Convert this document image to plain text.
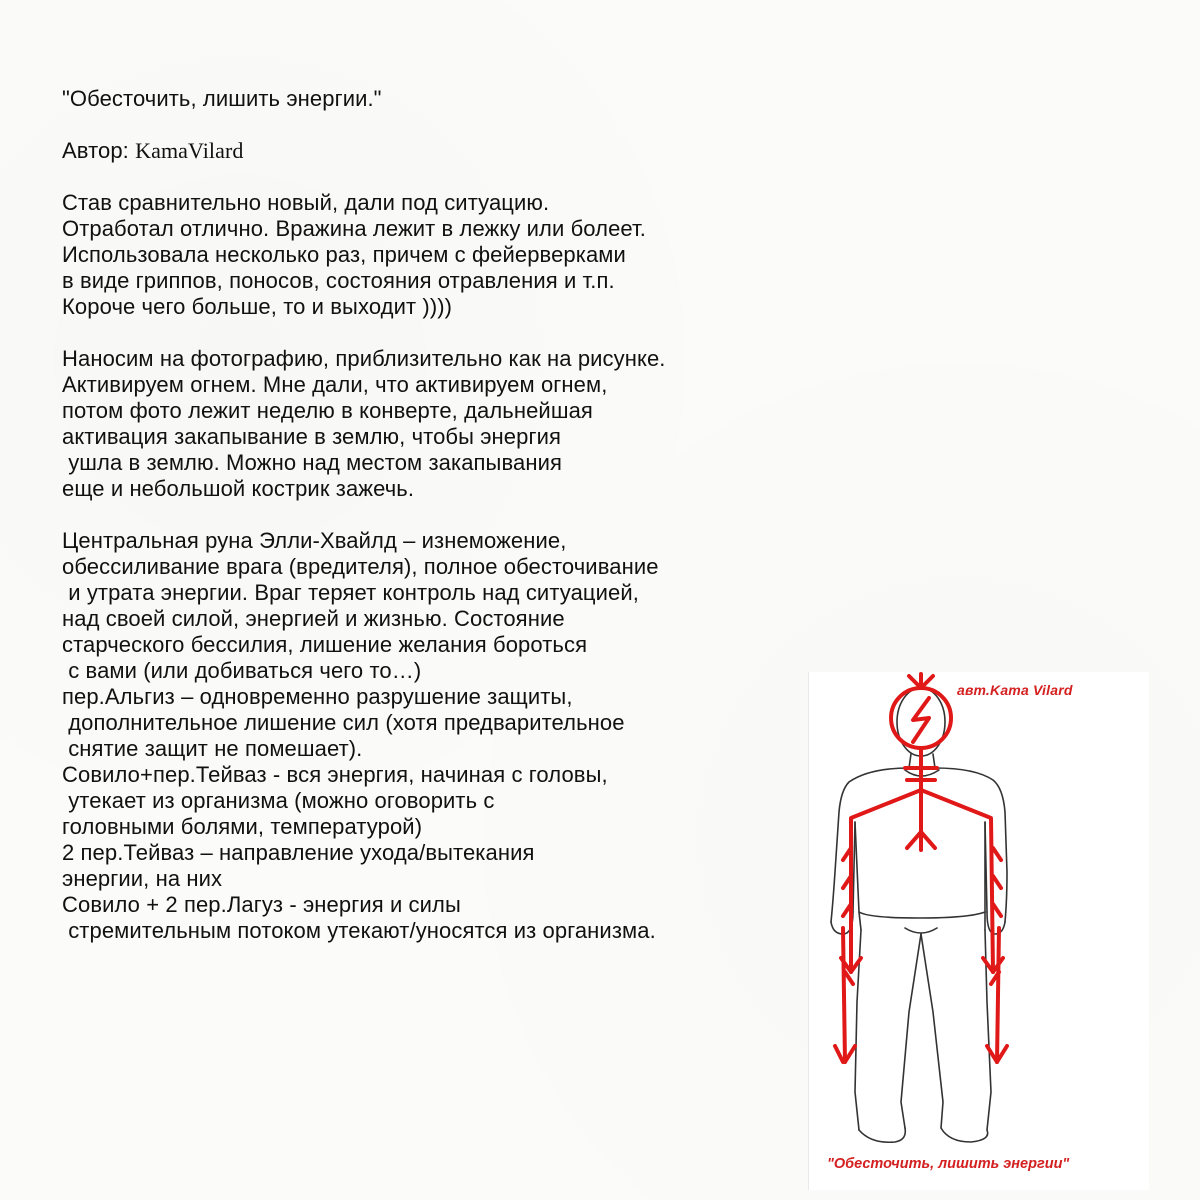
"Обесточить, лишить энергии."
Автор: KamaVilard
Став сравнительно новый, дали под ситуацию.
Отработал отлично. Вражина лежит в лежку или болеет.
Использовала несколько раз, причем с фейерверками
в виде гриппов, поносов, состояния отравления и т.п.
Короче чего больше, то и выходит ))))
Наносим на фотографию, приблизительно как на рисунке.
Активируем огнем. Мне дали, что активируем огнем,
потом фото лежит неделю в конверте, дальнейшая
активация закапывание в землю, чтобы энергия
ушла в землю. Можно над местом закапывания
еще и небольшой кострик зажечь.
Центральная руна Элли-Хвайлд – изнеможение,
обессиливание врага (вредителя), полное обесточивание
и утрата энергии. Враг теряет контроль над ситуацией,
над своей силой, энергией и жизнью. Состояние
старческого бессилия, лишение желания бороться
с вами (или добиваться чего то…)
пер.Альгиз – одновременно разрушение защиты,
дополнительное лишение сил (хотя предварительное
снятие защит не помешает).
Совило+пер.Тейваз - вся энергия, начиная с головы,
утекает из организма (можно оговорить с
головными болями, температурой)
2 пер.Тейваз – направление ухода/вытекания
энергии, на них
Совило + 2 пер.Лагуз - энергия и силы
стремительным потоком утекают/уносятся из организма.
авт.Kama Vilard
"Обесточить, лишить энергии"
